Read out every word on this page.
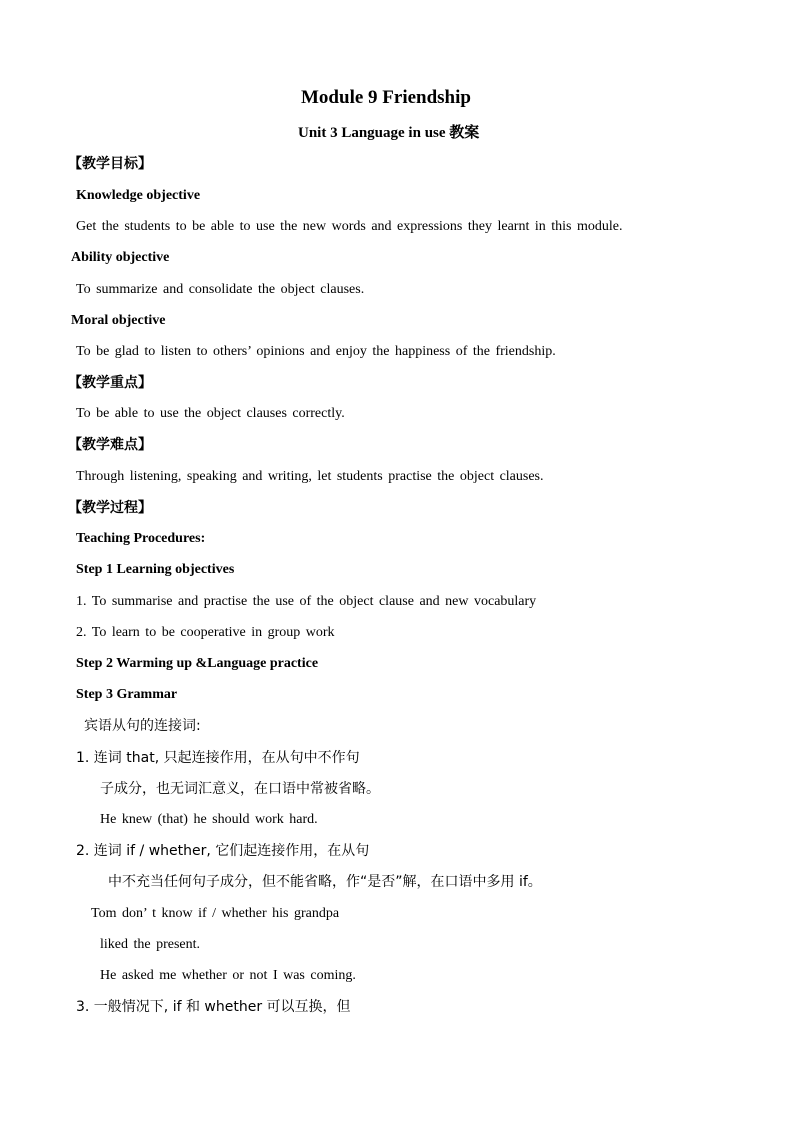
Module 9 Friendship
Unit 3 Language in use 教案
【教学目标】
Knowledge objective
Get the students to be able to use the new words and expressions they learnt in this module.
Ability objective
To summarize and consolidate the object clauses.
Moral objective
To be glad to listen to others’ opinions and enjoy the happiness of the friendship.
【教学重点】
To be able to use the object clauses correctly.
【教学难点】
Through listening, speaking and writing, let students practise the object clauses.
【教学过程】
Teaching Procedures:
Step 1 Learning objectives
1. To summarise and practise the use of the object clause and new vocabulary
2. To learn to be cooperative in group work
Step 2 Warming up &Language practice
Step 3 Grammar
宾语从句的连接词:
1. 连词 that, 只起连接作用，在从句中不作句
子成分，也无词汇意义，在口语中常被省略。
He knew (that) he should work hard.
2. 连词 if / whether, 它们起连接作用，在从句
中不充当任何句子成分，但不能省略，作“是否”解，在口语中多用 if。
Tom don’ t know if / whether his grandpa
liked the present.
He asked me whether or not I was coming.
3. 一般情况下, if 和 whether 可以互换，但
